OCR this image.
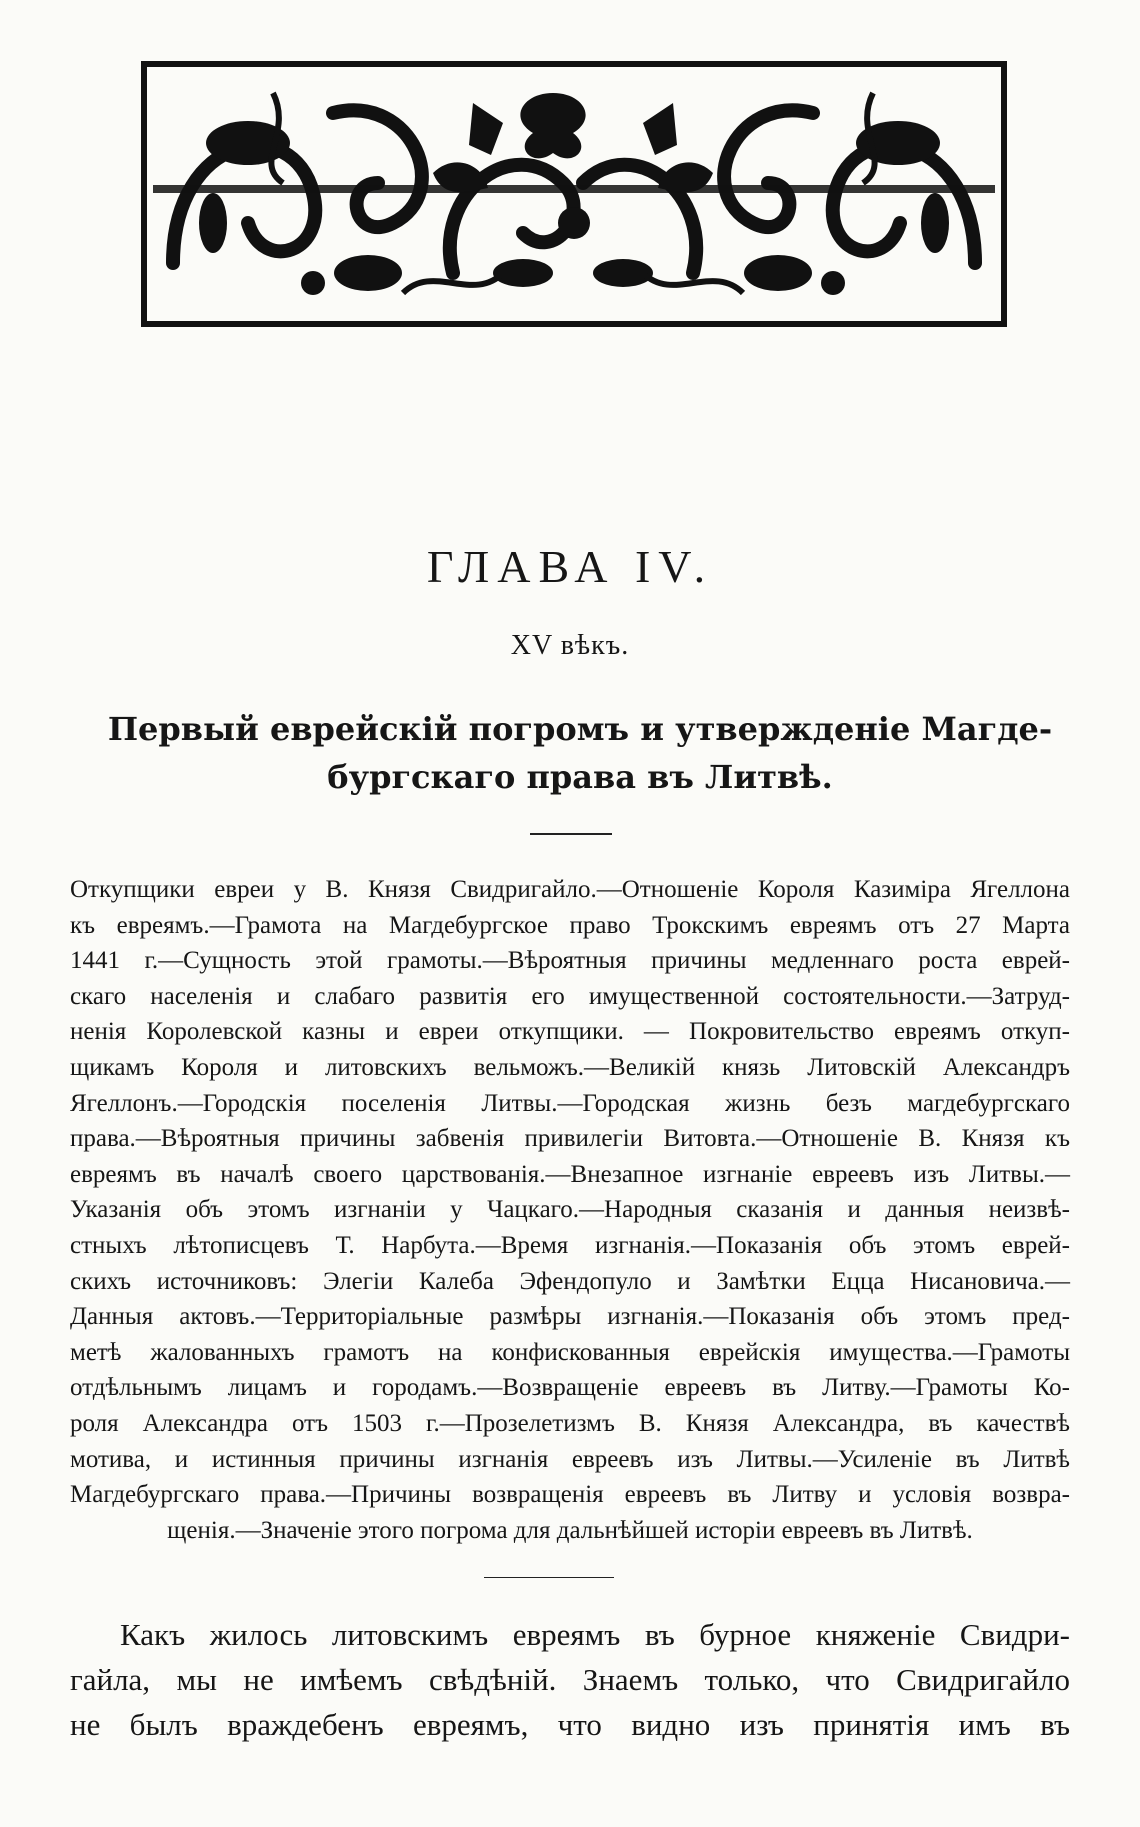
ГЛАВА IV.
XV вѣкъ.
Первый еврейскій погромъ и утвержденіе Магде-
бургскаго права въ Литвѣ.
Откупщики евреи у В. Князя Свидригайло.—Отношеніе Короля Казиміра Ягеллона
къ евреямъ.—Грамота на Магдебургское право Трокскимъ евреямъ отъ 27 Марта
1441 г.—Сущность этой грамоты.—Вѣроятныя причины медленнаго роста еврей-
скаго населенія и слабаго развитія его имущественной состоятельности.—Затруд-
ненія Королевской казны и евреи откупщики. — Покровительство евреямъ откуп-
щикамъ Короля и литовскихъ вельможъ.—Великій князь Литовскій Александръ
Ягеллонъ.—Городскія поселенія Литвы.—Городская жизнь безъ магдебургскаго
права.—Вѣроятныя причины забвенія привилегіи Витовта.—Отношеніе В. Князя къ
евреямъ въ началѣ своего царствованія.—Внезапное изгнаніе евреевъ изъ Литвы.—
Указанія объ этомъ изгнаніи у Чацкаго.—Народныя сказанія и данныя неизвѣ-
стныхъ лѣтописцевъ Т. Нарбута.—Время изгнанія.—Показанія объ этомъ еврей-
скихъ источниковъ: Элегіи Калеба Эфендопуло и Замѣтки Ецца Нисановича.—
Данныя актовъ.—Территоріальные размѣры изгнанія.—Показанія объ этомъ пред-
метѣ жалованныхъ грамотъ на конфискованныя еврейскія имущества.—Грамоты
отдѣльнымъ лицамъ и городамъ.—Возвращеніе евреевъ въ Литву.—Грамоты Ко-
роля Александра отъ 1503 г.—Прозелетизмъ В. Князя Александра, въ качествѣ
мотива, и истинныя причины изгнанія евреевъ изъ Литвы.—Усиленіе въ Литвѣ
Магдебургскаго права.—Причины возвращенія евреевъ въ Литву и условія возвра-
щенія.—Значеніе этого погрома для дальнѣйшей исторіи евреевъ въ Литвѣ.
Какъ жилось литовскимъ евреямъ въ бурное княженіе Свидри-
гайла, мы не имѣемъ свѣдѣній. Знаемъ только, что Свидригайло
не былъ враждебенъ евреямъ, что видно изъ принятія имъ въ
